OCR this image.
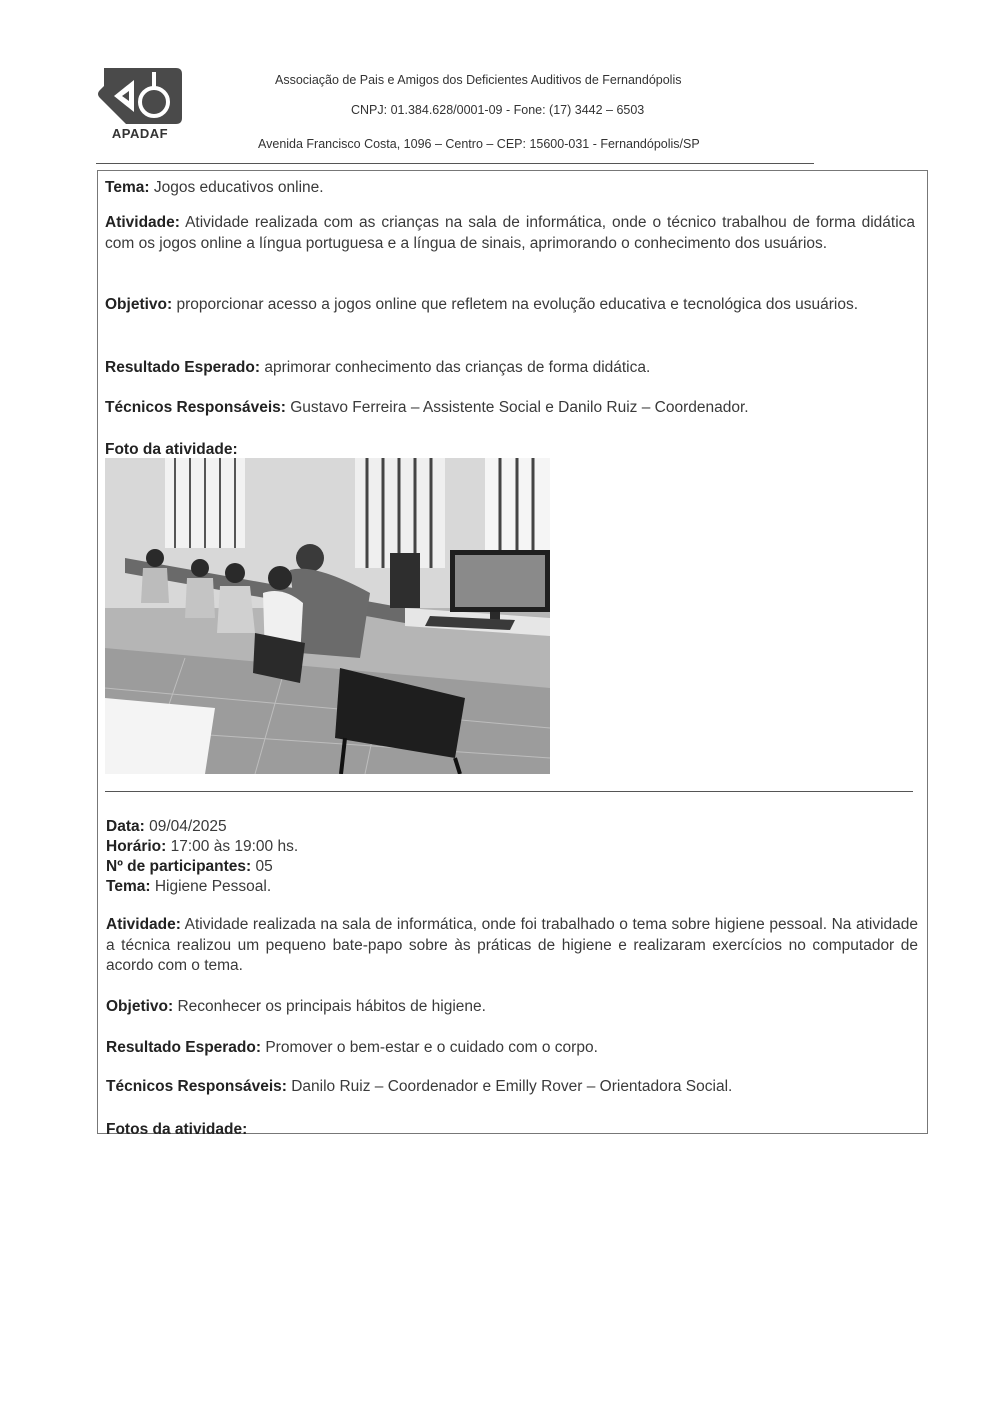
APADAF
Associação de Pais e Amigos dos Deficientes Auditivos de Fernandópolis
CNPJ: 01.384.628/0001-09 - Fone: (17) 3442 – 6503
Avenida Francisco Costa, 1096 – Centro – CEP: 15600-031 - Fernandópolis/SP
Tema: Jogos educativos online.
Atividade: Atividade realizada com as crianças na sala de informática, onde o técnico trabalhou de forma didática com os jogos online a língua portuguesa e a língua de sinais, aprimorando o conhecimento dos usuários.
Objetivo: proporcionar acesso a jogos online que refletem na evolução educativa e tecnológica dos usuários.
Resultado Esperado: aprimorar conhecimento das crianças de forma didática.
Técnicos Responsáveis: Gustavo Ferreira – Assistente Social e Danilo Ruiz – Coordenador.
Foto da atividade:
Data: 09/04/2025
Horário: 17:00 às 19:00 hs.
Nº de participantes: 05
Tema: Higiene Pessoal.
Atividade: Atividade realizada na sala de informática, onde foi trabalhado o tema sobre higiene pessoal. Na atividade a técnica realizou um pequeno bate-papo sobre às práticas de higiene e realizaram exercícios no computador de acordo com o tema.
Objetivo: Reconhecer os principais hábitos de higiene.
Resultado Esperado: Promover o bem-estar e o cuidado com o corpo.
Técnicos Responsáveis: Danilo Ruiz – Coordenador e Emilly Rover – Orientadora Social.
Fotos da atividade:
